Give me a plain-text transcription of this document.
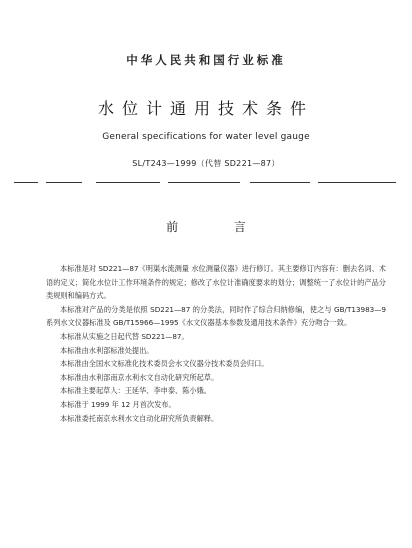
中华人民共和国行业标准
水位计通用技术条件
General specifications for water level gauge
SL/T243—1999（代替 SD221—87）
前 言

本标准是对 SD221—87《明渠水流测量 水位测量仪器》进行修订。其主要修订内容有：删去名词、术语的定义；简化水位计工作环境条件的规定；修改了水位计准确度要求的划分；调整统一了水位计的产品分类规则和编码方式。

本标准对产品的分类是依照 SD221—87 的分类法，同时作了综合归纳修编，使之与 GB/T13983—9 系列水文仪器标准及 GB/T15966—1995《水文仪器基本参数及通用技术条件》充分吻合一致。

本标准从实施之日起代替 SD221—87。

本标准由水利部标准处提出。

本标准由全国水文标准化技术委员会水文仪器分技术委员会归口。

本标准由水利部南京水利水文自动化研究所起草。

本标准主要起草人：王延华、李申泰、陈小娥。

本标准于 1999 年 12 月首次发布。

本标准委托南京水利水文自动化研究所负责解释。
